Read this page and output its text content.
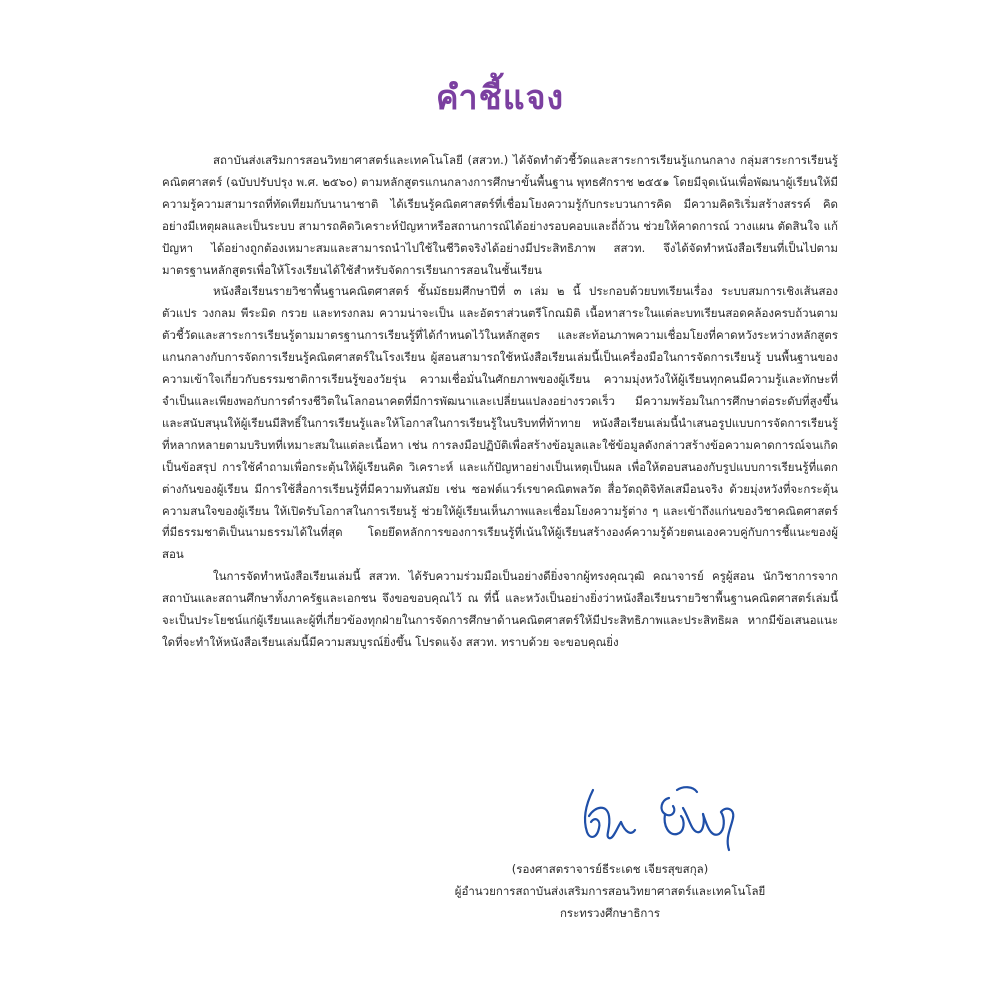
คำชี้แจง

สถาบันส่งเสริมการสอนวิทยาศาสตร์และเทคโนโลยี (สสวท.) ได้จัดทำตัวชี้วัดและสาระการเรียนรู้แกนกลาง กลุ่มสาระการเรียนรู้คณิตศาสตร์ (ฉบับปรับปรุง พ.ศ. ๒๕๖๐) ตามหลักสูตรแกนกลางการศึกษาขั้นพื้นฐาน พุทธศักราช ๒๕๕๑ โดยมีจุดเน้นเพื่อพัฒนาผู้เรียนให้มีความรู้ความสามารถที่ทัดเทียมกับนานาชาติ ได้เรียนรู้คณิตศาสตร์ที่เชื่อมโยงความรู้กับกระบวนการคิด มีความคิดริเริ่มสร้างสรรค์ คิดอย่างมีเหตุผลและเป็นระบบ สามารถคิดวิเคราะห์ปัญหาหรือสถานการณ์ได้อย่างรอบคอบและถี่ถ้วน ช่วยให้คาดการณ์ วางแผน ตัดสินใจ แก้ปัญหา ได้อย่างถูกต้องเหมาะสมและสามารถนำไปใช้ในชีวิตจริงได้อย่างมีประสิทธิภาพ สสวท. จึงได้จัดทำหนังสือเรียนที่เป็นไปตามมาตรฐานหลักสูตรเพื่อให้โรงเรียนได้ใช้สำหรับจัดการเรียนการสอนในชั้นเรียน

หนังสือเรียนรายวิชาพื้นฐานคณิตศาสตร์ ชั้นมัธยมศึกษาปีที่ ๓ เล่ม ๒ นี้ ประกอบด้วยบทเรียนเรื่อง ระบบสมการเชิงเส้นสองตัวแปร วงกลม พีระมิด กรวย และทรงกลม ความน่าจะเป็น และอัตราส่วนตรีโกณมิติ เนื้อหาสาระในแต่ละบทเรียนสอดคล้องครบถ้วนตามตัวชี้วัดและสาระการเรียนรู้ตามมาตรฐานการเรียนรู้ที่ได้กำหนดไว้ในหลักสูตร และสะท้อนภาพความเชื่อมโยงที่คาดหวังระหว่างหลักสูตรแกนกลางกับการจัดการเรียนรู้คณิตศาสตร์ในโรงเรียน ผู้สอนสามารถใช้หนังสือเรียนเล่มนี้เป็นเครื่องมือในการจัดการเรียนรู้ บนพื้นฐานของความเข้าใจเกี่ยวกับธรรมชาติการเรียนรู้ของวัยรุ่น ความเชื่อมั่นในศักยภาพของผู้เรียน ความมุ่งหวังให้ผู้เรียนทุกคนมีความรู้และทักษะที่จำเป็นและเพียงพอกับการดำรงชีวิตในโลกอนาคตที่มีการพัฒนาและเปลี่ยนแปลงอย่างรวดเร็ว มีความพร้อมในการศึกษาต่อระดับที่สูงขึ้น และสนับสนุนให้ผู้เรียนมีสิทธิ์ในการเรียนรู้และให้โอกาสในการเรียนรู้ในบริบทที่ท้าทาย หนังสือเรียนเล่มนี้นำเสนอรูปแบบการจัดการเรียนรู้ที่หลากหลายตามบริบทที่เหมาะสมในแต่ละเนื้อหา เช่น การลงมือปฏิบัติเพื่อสร้างข้อมูลและใช้ข้อมูลดังกล่าวสร้างข้อความคาดการณ์จนเกิดเป็นข้อสรุป การใช้คำถามเพื่อกระตุ้นให้ผู้เรียนคิด วิเคราะห์ และแก้ปัญหาอย่างเป็นเหตุเป็นผล เพื่อให้ตอบสนองกับรูปแบบการเรียนรู้ที่แตกต่างกันของผู้เรียน มีการใช้สื่อการเรียนรู้ที่มีความทันสมัย เช่น ซอฟต์แวร์เรขาคณิตพลวัต สื่อวัตถุดิจิทัลเสมือนจริง ด้วยมุ่งหวังที่จะกระตุ้นความสนใจของผู้เรียน ให้เปิดรับโอกาสในการเรียนรู้ ช่วยให้ผู้เรียนเห็นภาพและเชื่อมโยงความรู้ต่าง ๆ และเข้าถึงแก่นของวิชาคณิตศาสตร์ที่มีธรรมชาติเป็นนามธรรมได้ในที่สุด โดยยึดหลักการของการเรียนรู้ที่เน้นให้ผู้เรียนสร้างองค์ความรู้ด้วยตนเองควบคู่กับการชี้แนะของผู้สอน

ในการจัดทำหนังสือเรียนเล่มนี้ สสวท. ได้รับความร่วมมือเป็นอย่างดียิ่งจากผู้ทรงคุณวุฒิ คณาจารย์ ครูผู้สอน นักวิชาการจากสถาบันและสถานศึกษาทั้งภาครัฐและเอกชน จึงขอขอบคุณไว้ ณ ที่นี้ และหวังเป็นอย่างยิ่งว่าหนังสือเรียนรายวิชาพื้นฐานคณิตศาสตร์เล่มนี้จะเป็นประโยชน์แก่ผู้เรียนและผู้ที่เกี่ยวข้องทุกฝ่ายในการจัดการศึกษาด้านคณิตศาสตร์ให้มีประสิทธิภาพและประสิทธิผล หากมีข้อเสนอแนะใดที่จะทำให้หนังสือเรียนเล่มนี้มีความสมบูรณ์ยิ่งขึ้น โปรดแจ้ง สสวท. ทราบด้วย จะขอบคุณยิ่ง

(รองศาสตราจารย์ธีระเดช เจียรสุขสกุล)
ผู้อำนวยการสถาบันส่งเสริมการสอนวิทยาศาสตร์และเทคโนโลยี
กระทรวงศึกษาธิการ
